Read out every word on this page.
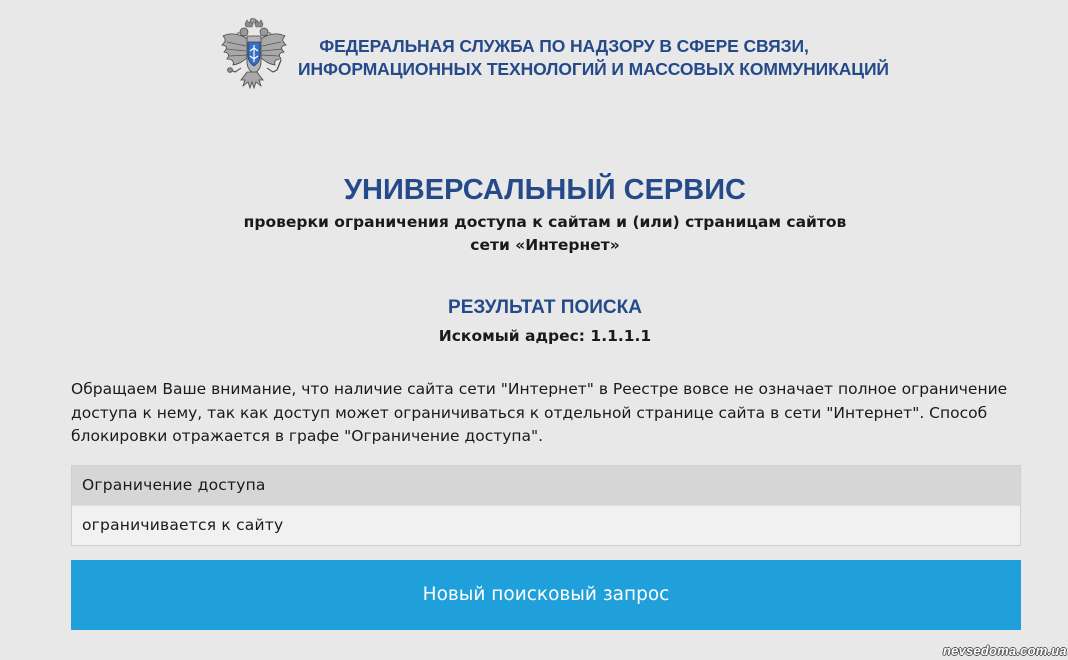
ФЕДЕРАЛЬНАЯ СЛУЖБА ПО НАДЗОРУ В СФЕРЕ СВЯЗИ,
ИНФОРМАЦИОННЫХ ТЕХНОЛОГИЙ И МАССОВЫХ КОММУНИКАЦИЙ
УНИВЕРСАЛЬНЫЙ СЕРВИС
проверки ограничения доступа к сайтам и (или) страницам сайтов
сети «Интернет»
РЕЗУЛЬТАТ ПОИСКА
Искомый адрес: 1.1.1.1
Обращаем Ваше внимание, что наличие сайта сети "Интернет" в Реестре вовсе не означает полное ограничение доступа к нему, так как доступ может ограничиваться к отдельной странице сайта в сети "Интернет". Способ блокировки отражается в графе "Ограничение доступа".
Ограничение доступа
ограничивается к сайту
Новый поисковый запрос
nevsedoma.com.ua
